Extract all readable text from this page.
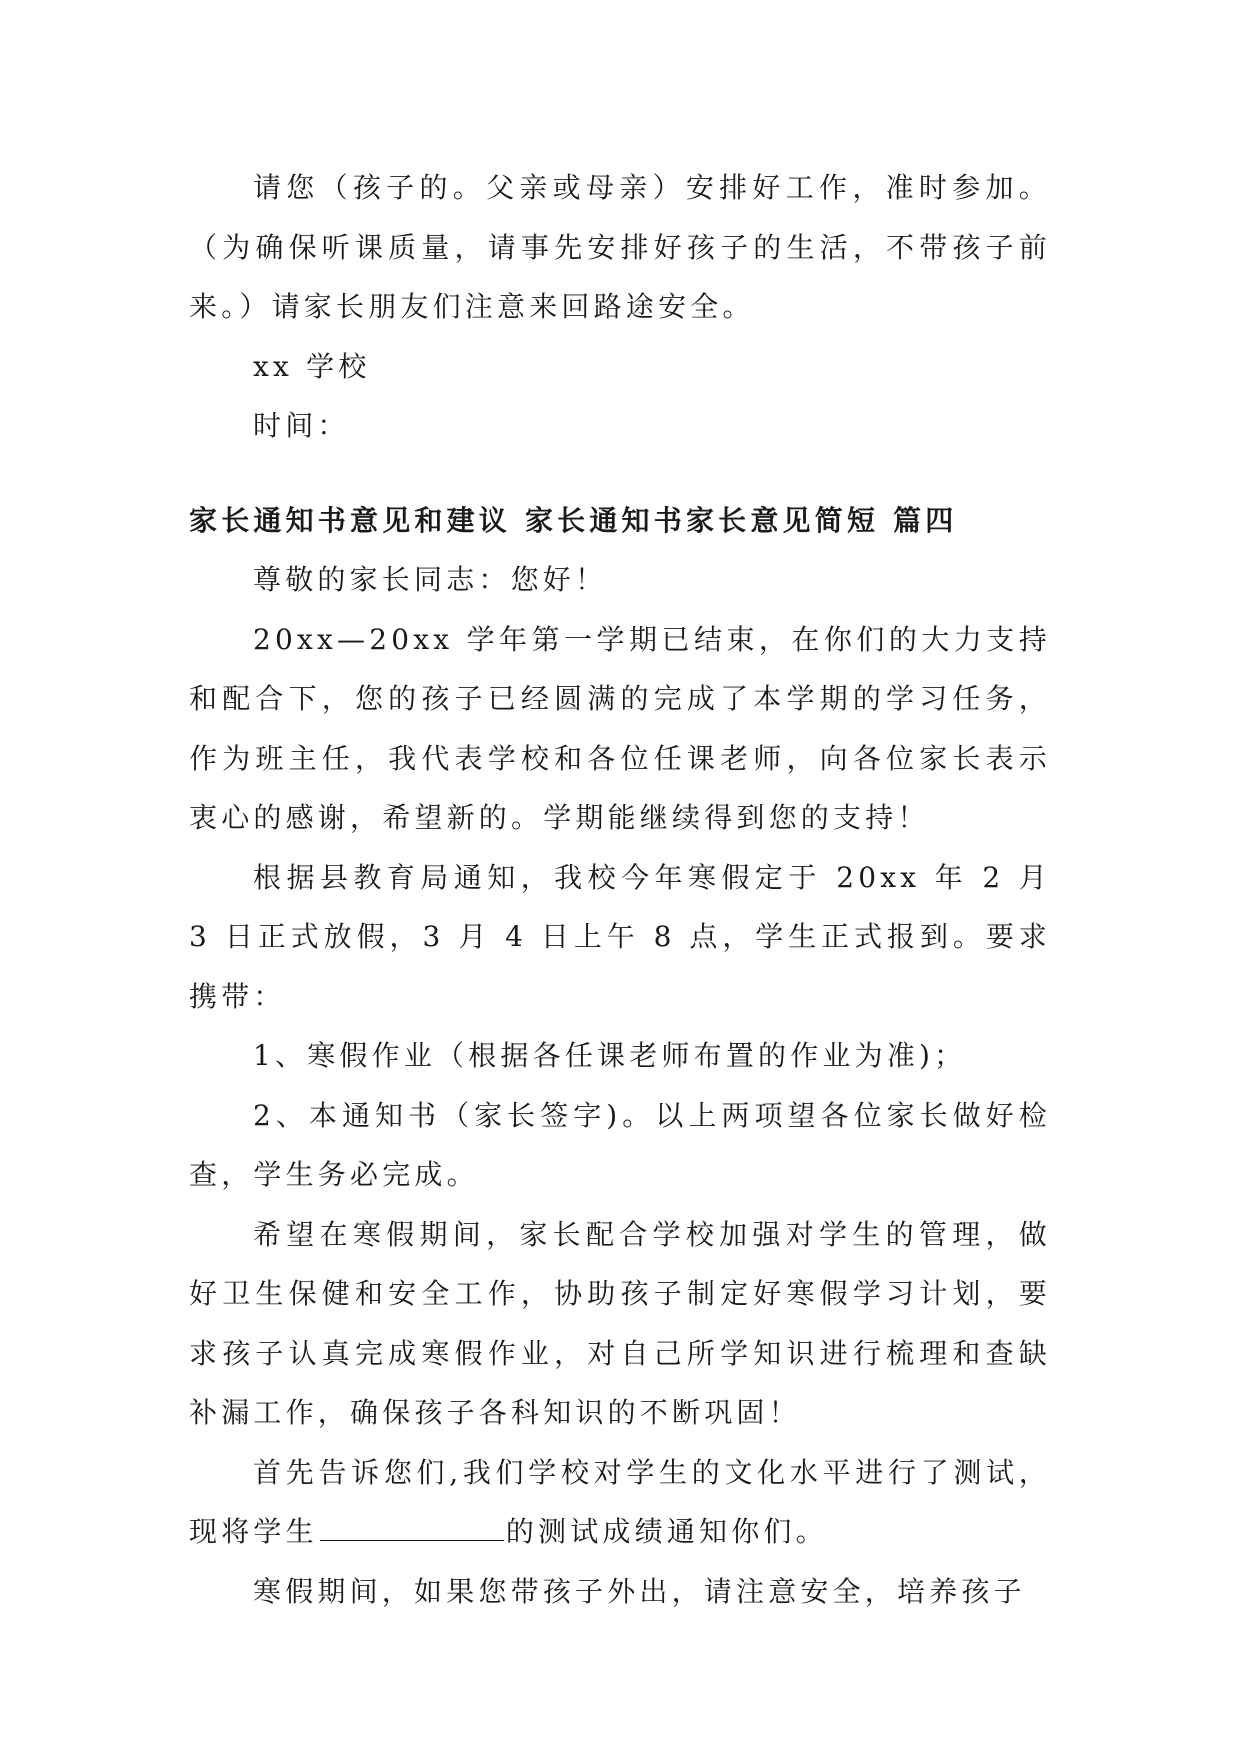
请您（孩子的。父亲或母亲）安排好工作，准时参加。（为确保听课质量，请事先安排好孩子的生活，不带孩子前来。）请家长朋友们注意来回路途安全。

xx 学校

时间：

家长通知书意见和建议 家长通知书家长意见简短 篇四

尊敬的家长同志：您好！

20xx—20xx 学年第一学期已结束，在你们的大力支持和配合下，您的孩子已经圆满的完成了本学期的学习任务，作为班主任，我代表学校和各位任课老师，向各位家长表示衷心的感谢，希望新的。学期能继续得到您的支持！

根据县教育局通知，我校今年寒假定于 20xx 年 2 月 3 日正式放假，3 月 4 日上午 8 点，学生正式报到。要求携带：

1、寒假作业（根据各任课老师布置的作业为准)；

2、本通知书（家长签字)。以上两项望各位家长做好检查，学生务必完成。

希望在寒假期间，家长配合学校加强对学生的管理，做好卫生保健和安全工作，协助孩子制定好寒假学习计划，要求孩子认真完成寒假作业，对自己所学知识进行梳理和查缺补漏工作，确保孩子各科知识的不断巩固！

首先告诉您们,我们学校对学生的文化水平进行了测试，现将学生	的测试成绩通知你们。

寒假期间，如果您带孩子外出，请注意安全，培养孩子
